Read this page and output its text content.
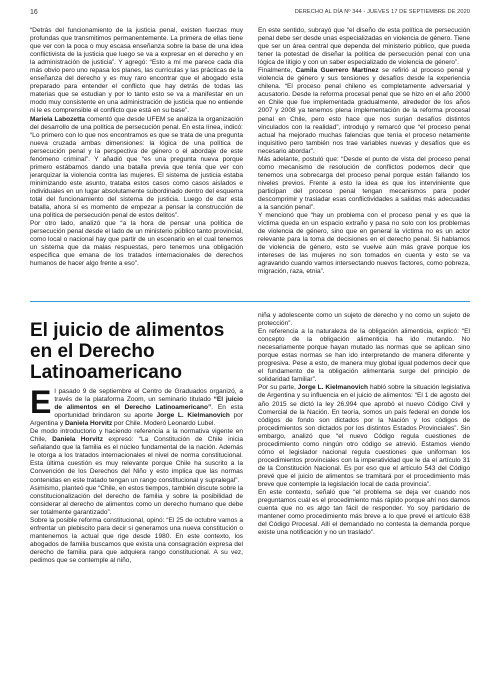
16	DERECHO AL DÍA Nº 344 - JUEVES 17 DE SEPTIEMBRE DE 2020

“Detrás del funcionamiento de la justicia penal, existen fuerzas muy profundas que transmitimos permanentemente. La primera de ellas tiene que ver con la poca o muy escasa enseñanza sobre la base de una idea conflictivista de la justicia que luego se va a expresar en el derecho y en la administración de justicia”. Y agregó: “Esto a mí me parece cada día más obvio pero uno repasa los planes, las currículas y las prácticas de la enseñanza del derecho y es muy raro encontrar que el abogado esta preparado para entender el conflicto que hay detrás de todas las materias que se estudian y por lo tanto esto se va a manifestar en un modo muy consistente en una administración de justicia que no entiende ni le es comprensible el conflicto que está en su base”.

Mariela Labozetta comentó que desde UFEM se analiza la organización del desarrollo de una política de persecución penal. En esta línea, indicó: “Lo primero con lo que nos encontramos es que se trata de una pregunta nueva cruzada ambas dimensiones: la lógica de una política de persecución penal y la perspectiva de género o el abordaje de este fenómeno criminal”. Y añadió que “es una pregunta nueva porque primero estábamos dando una batalla previa que tenía que ver con jerarquizar la violencia contra las mujeres. El sistema de justicia estaba minimizando este asunto, trataba estos casos como casos aislados e individuales en un lugar absolutamente subordinado dentro del esquema total del funcionamiento del sistema de justicia. Luego de dar esta batalla, ahora sí es momento de empezar a pensar la construcción de una política de persecución penal de estos delitos”.

Por otro lado, analizó que “a la hora de pensar una política de persecución penal desde el lado de un ministerio público tanto provincial, como local o nacional hay que partir de un escenario en el cual tenemos un sistema que da malas respuestas, pero tenemos una obligación específica que emana de los tratados internacionales de derechos humanos de hacer algo frente a eso”.

En este sentido, subrayó que “el diseño de esta política de persecución penal debe ser desde unas especializadas en violencia de género. Tiene que ser un área central que dependa del ministerio público, que pueda tener la potestad de diseñar la política de persecución penal con una lógica de litigio y con un saber especializado de violencia de género”.

Finalmente, Camila Guerrero Martínez se refirió al proceso penal y violencia de género y sus tensiones y desafíos desde la experiencia chilena. “El proceso penal chileno es completamente adversarial y acusatorio. Desde la reforma procesal penal que se hizo en el año 2000 en Chile que fue implementada gradualmente, alrededor de los años 2007 y 2008 ya tenemos plena implementación de la reforma procesal penal en Chile, pero esto hace que nos surjan desafíos distintos vinculados con la realidad”, introdujo y remarcó que “el proceso penal actual ha mejorado muchas falencias que tenía el proceso netamente inquisitivo pero también nos trae variables nuevas y desafíos que es necesario abordar”.

Más adelante, postuló que: “Desde el punto de vista del proceso penal como mecanismo de resolución de conflictos podemos decir que tenemos una sobrecarga del proceso penal porque están fallando los niveles previos. Frente a esto la idea es que los interviniente que participan del proceso penal tengan mecanismos para poder descomprimir y trasladar esas conflictividades a salidas más adecuadas a la sanción penal”.

Y mencionó que “hay un problema con el proceso penal y es que la víctima queda en un espacio extraño y pasa no solo con los problemas de violencia de género, sino que en general la víctima no es un actor relevante para la toma de decisiones en el derecho penal. Si hablamos de violencia de género, esto se vuelve aún más grave porque los intereses de las mujeres no son tomados en cuenta y esto se va agravando cuando vamos intersectando nuevos factores, como pobreza, migración, raza, etnia”.

El juicio de alimentos
en el Derecho
Latinoamericano

El pasado 9 de septiembre el Centro de Graduados organizó, a través de la plataforma Zoom, un seminario titulado “El juicio de alimentos en el Derecho Latinoamericano”. En esta oportunidad brindaron su aporte Jorge L. Kielmanovich por Argentina y Daniela Horvitz por Chile. Moderó Leonardo Lubel.

De modo introductorio y haciendo referencia a la normativa vigente en Chile, Daniela Horvitz expresó: “La Constitución de Chile inicia señalando que la familia es el núcleo fundamental de la nación. Además le otorga a los tratados internacionales el nivel de norma constitucional. Esta última cuestión es muy relevante porque Chile ha suscrito a la Convención de los Derechos del Niño y esto implica que las normas contenidas en este tratado tengan un rango constitucional y supralegal”.

Asimismo, planteó que “Chile, en estos tiempos, también discute sobre la constitucionalización del derecho de familia y sobre la posibilidad de considerar al derecho de alimentos como un derecho humano que debe ser totalmente garantizado”.

Sobre la posible reforma constitucional, opinó: “El 25 de octubre vamos a enfrentar un plebiscito para decir si generamos una nueva constitución o mantenemos la actual que rige desde 1980. En este contexto, los abogados de familia buscamos que exista una consagración expresa del derecho de familia para que adquiera rango constitucional. A su vez, pedimos que se contemple al niño,

niña y adolescente como un sujeto de derecho y no como un sujeto de protección”.

En referencia a la naturaleza de la obligación alimenticia, explicó: “El concepto de la obligación alimenticia ha ido mutando. No necesariamente porque hayan mutado las normas que se aplican sino porque estas normas se han ido interpretando de manera diferente y progresiva. Pese a esto, de manera muy global igual podemos decir que el fundamento de la obligación alimentaria surge del principio de solidaridad familiar”.

Por su parte, Jorge L. Kielmanovich habló sobre la situación legislativa de Argentina y su influencia en el juicio de alimentos: “El 1 de agosto del año 2015 se dictó la ley 26.994 que aprobó el nuevo Código Civil y Comercial de la Nación. En teoría, somos un país federal en donde los códigos de fondo son dictados por la Nación y los códigos de procedimientos son dictados por los distintos Estados Provinciales”. Sin embargo, analizó que “el nuevo Código regula cuestiones de procedimiento como ningún otro código se atrevió. Estamos viendo cómo el legislador nacional regula cuestiones que uniforman los procedimientos provinciales con la imperatividad que le da el artículo 31 de la Constitución Nacional. Es por eso que el artículo 543 del Código prevé que el juicio de alimentos se tramitará por el procedimiento más breve que contemple la legislación local de cada provincia”.

En este contexto, señaló que “el problema se deja ver cuando nos preguntamos cuál es el procedimiento más rápido porque ahí nos damos cuenta que no es algo tan fácil de responder. Yo soy partidario de mantener como procedimiento más breve a lo que prevé el artículo 638 del Código Procesal. Allí el demandado no contesta la demanda porque existe una notificación y no un traslado”.
